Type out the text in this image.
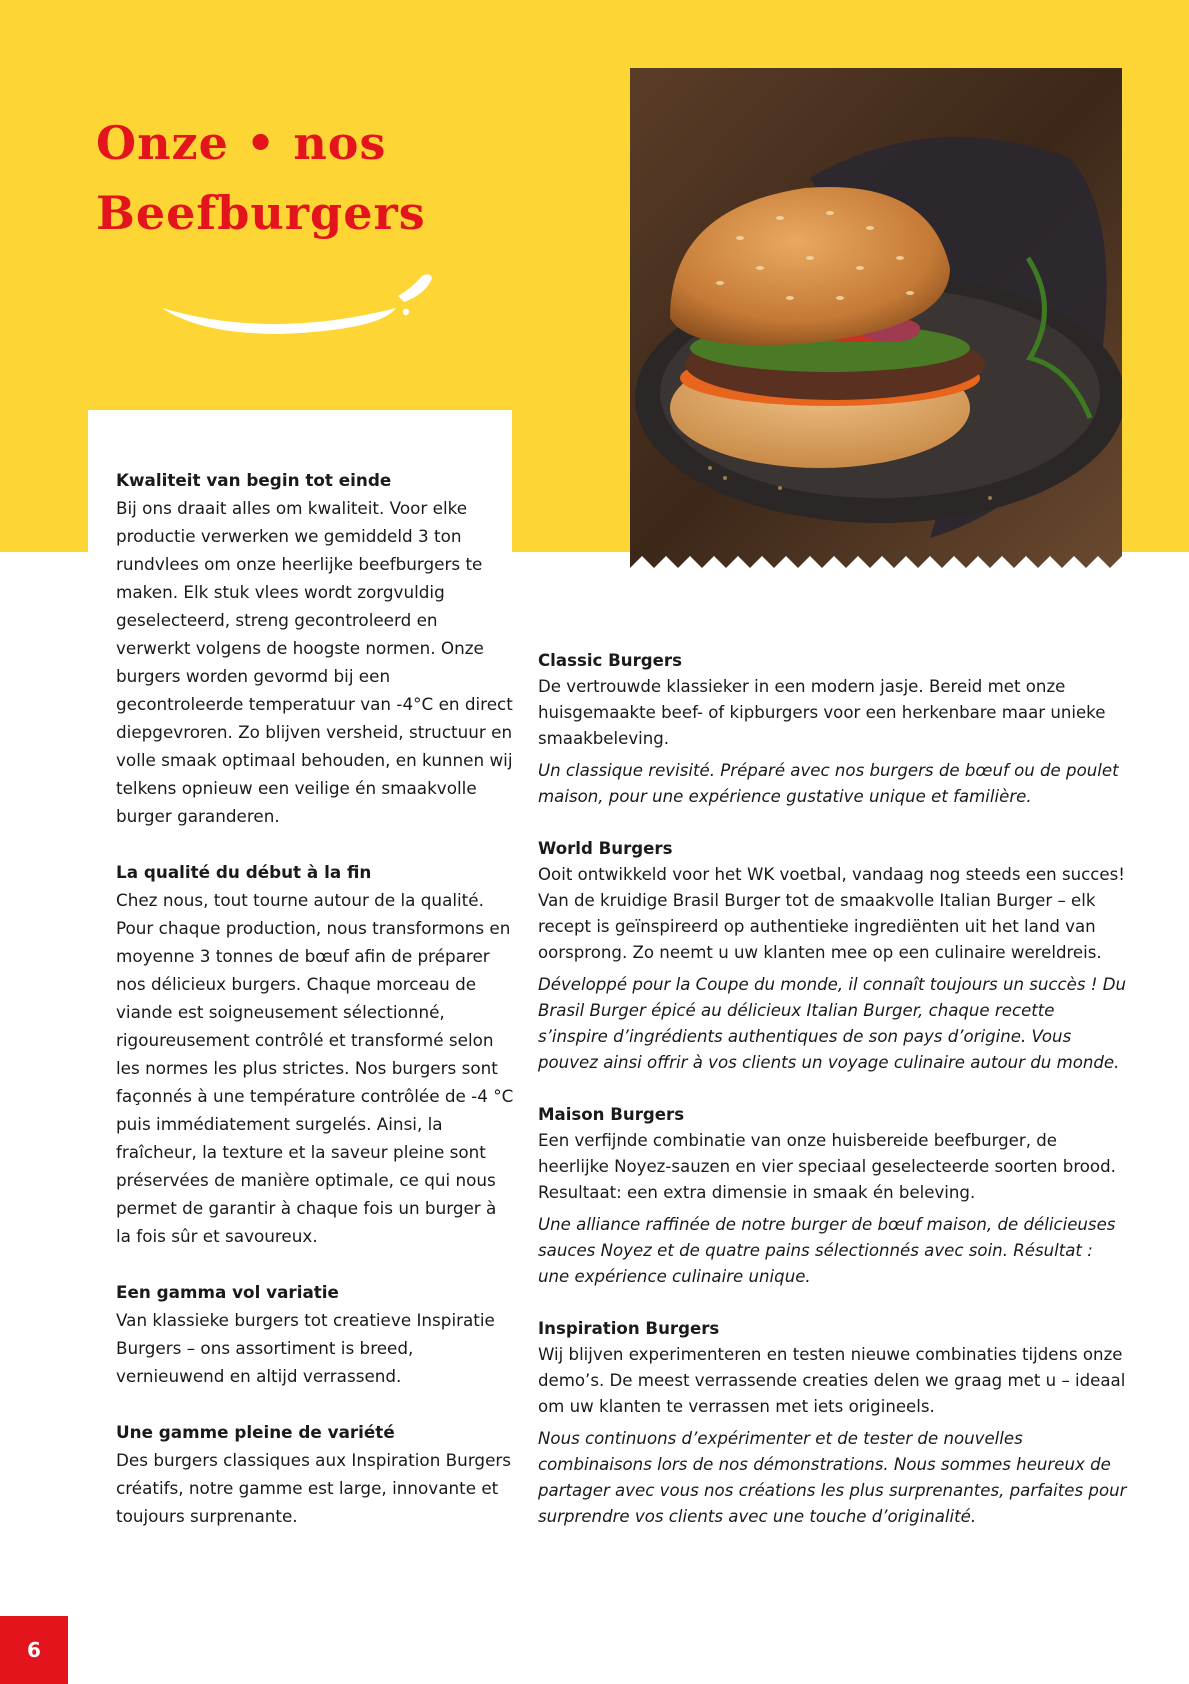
Onze • nos
Beefburgers
Kwaliteit van begin tot einde
Bij ons draait alles om kwaliteit. Voor elke productie verwerken we gemiddeld 3 ton rundvlees om onze heerlijke beefburgers te maken. Elk stuk vlees wordt zorgvuldig geselecteerd, streng gecontroleerd en verwerkt volgens de hoogste normen. Onze burgers worden gevormd bij een gecontroleerde temperatuur van -4°C en direct diepgevroren. Zo blijven versheid, structuur en volle smaak optimaal behouden, en kunnen wij telkens opnieuw een veilige én smaakvolle burger garanderen.
La qualité du début à la fin
Chez nous, tout tourne autour de la qualité. Pour chaque production, nous transformons en moyenne 3 tonnes de bœuf afin de préparer nos délicieux burgers. Chaque morceau de viande est soigneusement sélectionné, rigoureusement contrôlé et transformé selon les normes les plus strictes. Nos burgers sont façonnés à une température contrôlée de -4 °C puis immédiatement surgelés. Ainsi, la fraîcheur, la texture et la saveur pleine sont préservées de manière optimale, ce qui nous permet de garantir à chaque fois un burger à la fois sûr et savoureux.
Een gamma vol variatie
Van klassieke burgers tot creatieve Inspiratie Burgers – ons assortiment is breed, vernieuwend en altijd verrassend.
Une gamme pleine de variété
Des burgers classiques aux Inspiration Burgers créatifs, notre gamme est large, innovante et toujours surprenante.
Classic Burgers
De vertrouwde klassieker in een modern jasje. Bereid met onze huisgemaakte beef- of kipburgers voor een herkenbare maar unieke smaakbeleving.
Un classique revisité. Préparé avec nos burgers de bœuf ou de poulet maison, pour une expérience gustative unique et familière.
World Burgers
Ooit ontwikkeld voor het WK voetbal, vandaag nog steeds een succes! Van de kruidige Brasil Burger tot de smaakvolle Italian Burger – elk recept is geïnspireerd op authentieke ingrediënten uit het land van oorsprong. Zo neemt u uw klanten mee op een culinaire wereldreis.
Développé pour la Coupe du monde, il connaît toujours un succès ! Du Brasil Burger épicé au délicieux Italian Burger, chaque recette s’inspire d’ingrédients authentiques de son pays d’origine. Vous pouvez ainsi offrir à vos clients un voyage culinaire autour du monde.
Maison Burgers
Een verfijnde combinatie van onze huisbereide beefburger, de heerlijke Noyez-sauzen en vier speciaal geselecteerde soorten brood. Resultaat: een extra dimensie in smaak én beleving.
Une alliance raffinée de notre burger de bœuf maison, de délicieuses sauces Noyez et de quatre pains sélectionnés avec soin. Résultat : une expérience culinaire unique.
Inspiration Burgers
Wij blijven experimenteren en testen nieuwe combinaties tijdens onze demo’s. De meest verrassende creaties delen we graag met u – ideaal om uw klanten te verrassen met iets origineels.
Nous continuons d’expérimenter et de tester de nouvelles combinaisons lors de nos démonstrations. Nous sommes heureux de partager avec vous nos créations les plus surprenantes, parfaites pour surprendre vos clients avec une touche d’originalité.
6
